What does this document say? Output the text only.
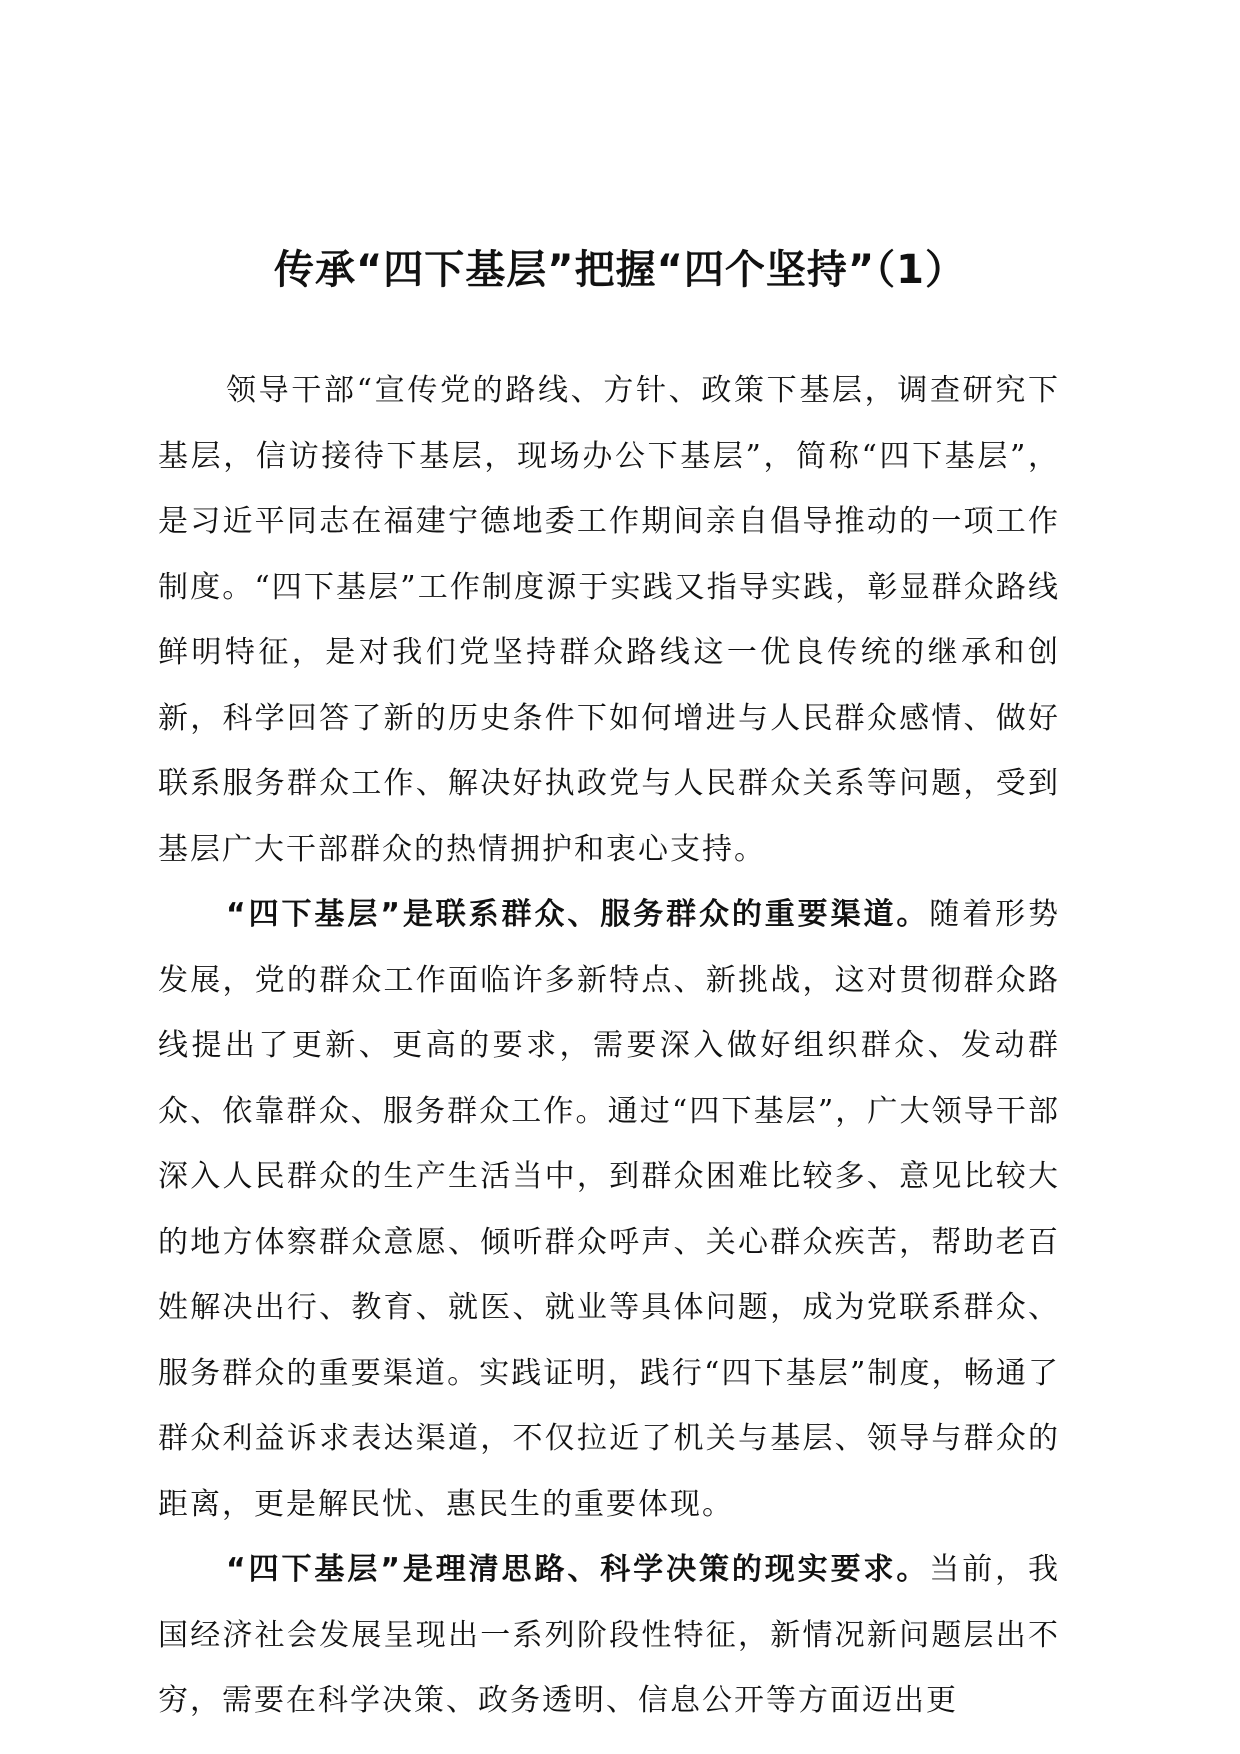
传承“四下基层”把握“四个坚持”（1）

领导干部“宣传党的路线、方针、政策下基层，调查研究下基层，信访接待下基层，现场办公下基层”，简称“四下基层”，是习近平同志在福建宁德地委工作期间亲自倡导推动的一项工作制度。“四下基层”工作制度源于实践又指导实践，彰显群众路线鲜明特征，是对我们党坚持群众路线这一优良传统的继承和创新，科学回答了新的历史条件下如何增进与人民群众感情、做好联系服务群众工作、解决好执政党与人民群众关系等问题，受到基层广大干部群众的热情拥护和衷心支持。

“四下基层”是联系群众、服务群众的重要渠道。随着形势发展，党的群众工作面临许多新特点、新挑战，这对贯彻群众路线提出了更新、更高的要求，需要深入做好组织群众、发动群众、依靠群众、服务群众工作。通过“四下基层”，广大领导干部深入人民群众的生产生活当中，到群众困难比较多、意见比较大的地方体察群众意愿、倾听群众呼声、关心群众疾苦，帮助老百姓解决出行、教育、就医、就业等具体问题，成为党联系群众、服务群众的重要渠道。实践证明，践行“四下基层”制度，畅通了群众利益诉求表达渠道，不仅拉近了机关与基层、领导与群众的距离，更是解民忧、惠民生的重要体现。

“四下基层”是理清思路、科学决策的现实要求。当前，我国经济社会发展呈现出一系列阶段性特征，新情况新问题层出不穷，需要在科学决策、政务透明、信息公开等方面迈出更
